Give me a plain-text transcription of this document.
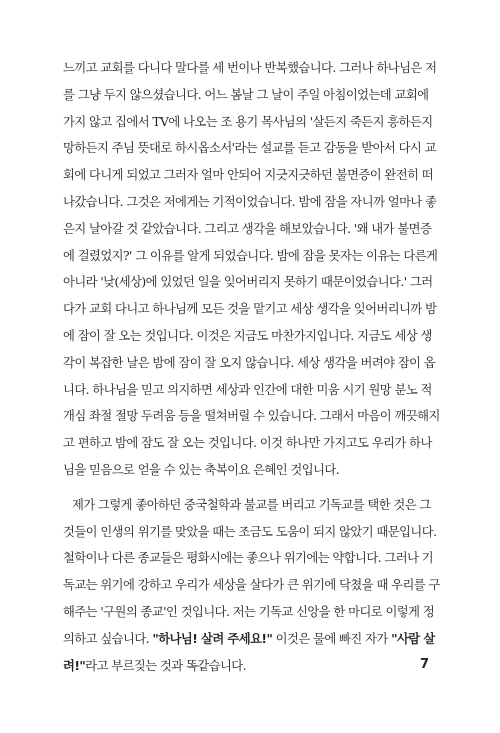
느끼고 교회를 다니다 말다를 세 번이나 반복했습니다. 그러나 하나님은 저
를 그냥 두지 않으셨습니다. 어느 봄날 그 날이 주일 아침이었는데 교회에
가지 않고 집에서 TV에 나오는 조 용기 목사님의 '살든지 죽든지 흥하든지
망하든지 주님 뜻대로 하시옵소서'라는 설교를 듣고 감동을 받아서 다시 교
회에 다니게 되었고 그러자 얼마 안되어 지긋지긋하던 불면증이 완전히 떠
나갔습니다. 그것은 저에게는 기적이었습니다. 밤에 잠을 자니까 얼마나 좋
은지 날아갈 것 같았습니다. 그리고 생각을 해보았습니다. '왜 내가 불면증
에 걸렸었지?' 그 이유를 알게 되었습니다. 밤에 잠을 못자는 이유는 다른게
아니라 '낮(세상)에 있었던 일을 잊어버리지 못하기 때문이었습니다.' 그러
다가 교회 다니고 하나님께 모든 것을 맡기고 세상 생각을 잊어버리니까 밤
에 잠이 잘 오는 것입니다. 이것은 지금도 마찬가지입니다. 지금도 세상 생
각이 복잡한 날은 밤에 잠이 잘 오지 않습니다. 세상 생각을 버려야 잠이 옵
니다. 하나님을 믿고 의지하면 세상과 인간에 대한 미움 시기 원망 분노 적
개심 좌절 절망 두려움 등을 떨쳐버릴 수 있습니다. 그래서 마음이 깨끗해지
고 편하고 밤에 잠도 잘 오는 것입니다. 이것 하나만 가지고도 우리가 하나
님을 믿음으로 얻을 수 있는 축복이요 은혜인 것입니다.
제가 그렇게 좋아하던 중국철학과 불교를 버리고 기독교를 택한 것은 그
것들이 인생의 위기를 맞았을 때는 조금도 도움이 되지 않았기 때문입니다.
철학이나 다른 종교들은 평화시에는 좋으나 위기에는 약합니다. 그러나 기
독교는 위기에 강하고 우리가 세상을 살다가 큰 위기에 닥쳤을 때 우리를 구
해주는 '구원의 종교'인 것입니다. 저는 기독교 신앙을 한 마디로 이렇게 정
의하고 싶습니다. "하나님! 살려 주세요!" 이것은 물에 빠진 자가 "사람 살
려!"라고 부르짖는 것과 똑같습니다.	7
